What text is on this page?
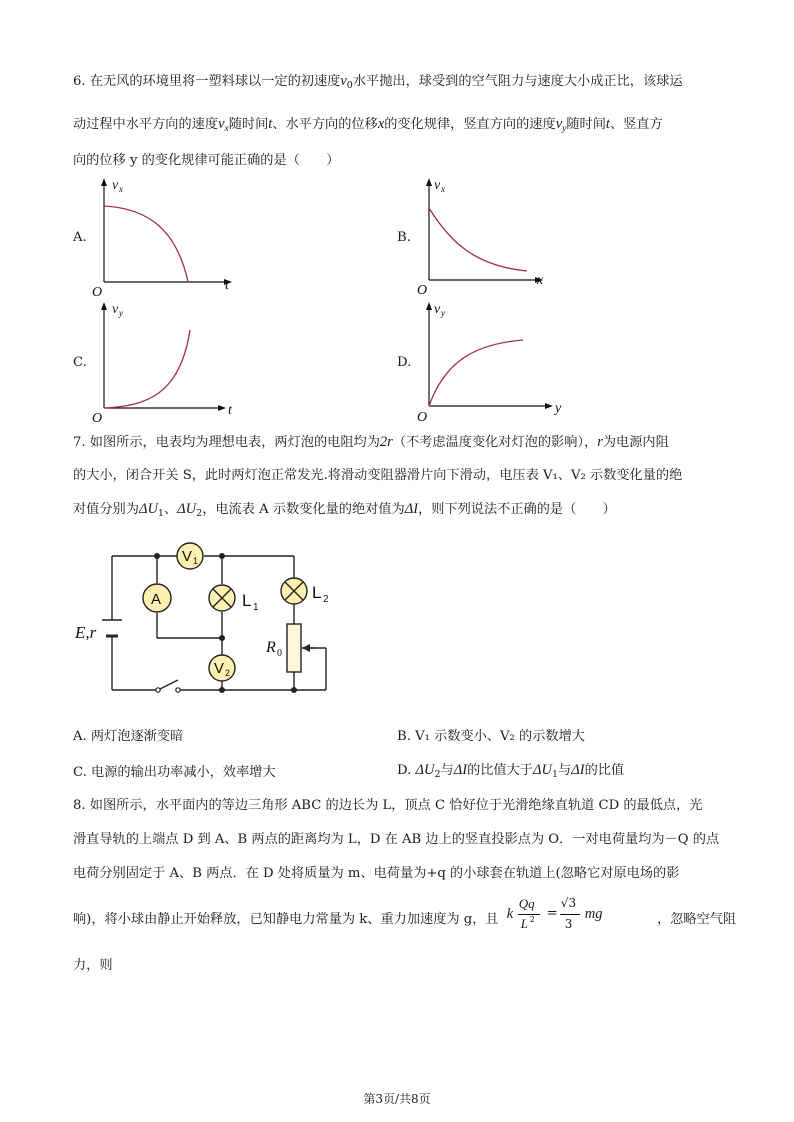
6. 在无风的环境里将一塑料球以一定的初速度$v_0$水平抛出，球受到的空气阻力与速度大小成正比，该球运
动过程中水平方向的速度$v_x$随时间t、水平方向的位移x的变化规律，竖直方向的速度$v_y$随时间t、竖直方
向的位移 y 的变化规律可能正确的是（　　）
A.	B.
C.	D.
v x
t
O
v x
x
O
v y
t
O
v y
y
O
7. 如图所示，电表均为理想电表，两灯泡的电阻均为2r（不考虑温度变化对灯泡的影响），r为电源内阻
的大小，闭合开关 S，此时两灯泡正常发光.将滑动变阻器滑片向下滑动，电压表 V₁、V₂ 示数变化量的绝
对值分别为$\Delta U_1$、$\Delta U_2$，电流表 A 示数变化量的绝对值为ΔI，则下列说法不正确的是（　　）
V 1
A	L 1
L 2
V 2
R 0
E,r
A. 两灯泡逐渐变暗	B. V₁ 示数变小、V₂ 的示数增大
C. 电源的输出功率减小，效率增大	D. $\Delta U_2$与ΔI的比值大于$\Delta U_1$与ΔI的比值
8. 如图所示，水平面内的等边三角形 ABC 的边长为 L，顶点 C 恰好位于光滑绝缘直轨道 CD 的最低点，光
滑直导轨的上端点 D 到 A、B 两点的距离均为 L，D 在 AB 边上的竖直投影点为 O．一对电荷量均为－Q 的点
电荷分别固定于 A、B 两点．在 D 处将质量为 m、电荷量为+q 的小球套在轨道上(忽略它对原电场的影
响)，将小球由静止开始释放，已知静电力常量为 k、重力加速度为 g，且 k
Qq
L 2 =
√3
3
mg	，忽略空气阻
力，则
第3页/共8页
